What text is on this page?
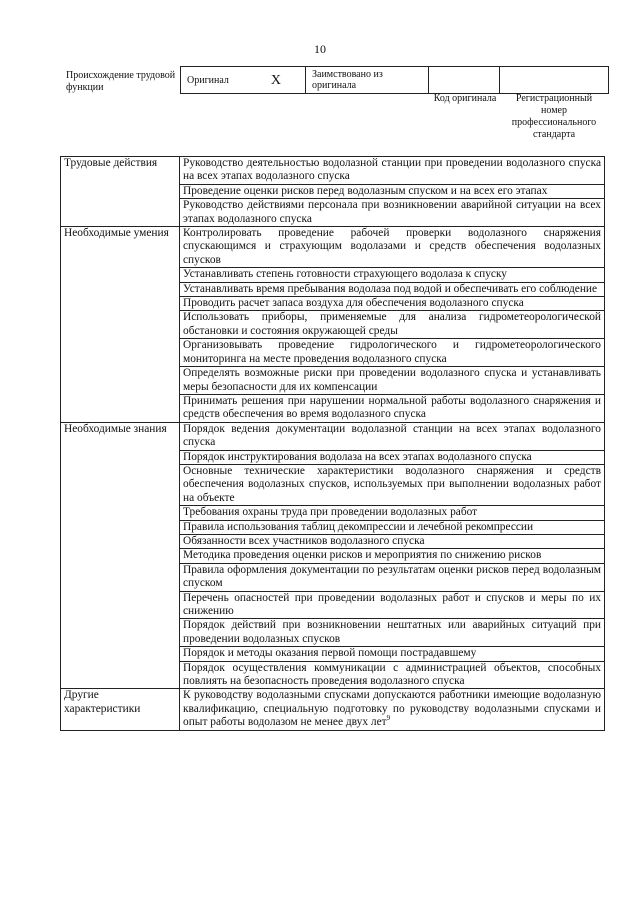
10
Происхождение трудовой функции
Оригинал	X	Заимствовано из оригинала		
Код оригинала	Регистрационный номер профессионального стандарта
Трудовые действия	Руководство деятельностью водолазной станции при проведении водолазного спуска на всех этапах водолазного спуска
	Проведение оценки рисков перед водолазным спуском и на всех его этапах
	Руководство действиями персонала при возникновении аварийной ситуации на всех этапах водолазного спуска
Необходимые умения	Контролировать проведение рабочей проверки водолазного снаряжения спускающимся и страхующим водолазами и средств обеспечения водолазных спусков
	Устанавливать степень готовности страхующего водолаза к спуску
	Устанавливать время пребывания водолаза под водой и обеспечивать его соблюдение
	Проводить расчет запаса воздуха для обеспечения водолазного спуска
	Использовать приборы, применяемые для анализа гидрометеорологической обстановки и состояния окружающей среды
	Организовывать проведение гидрологического и гидрометеорологического мониторинга на месте проведения водолазного спуска
	Определять возможные риски при проведении водолазного спуска и устанавливать меры безопасности для их компенсации
	Принимать решения при нарушении нормальной работы водолазного снаряжения и средств обеспечения во время водолазного спуска
Необходимые знания	Порядок ведения документации водолазной станции на всех этапах водолазного спуска
	Порядок инструктирования водолаза на всех этапах водолазного спуска
	Основные технические характеристики водолазного снаряжения и средств обеспечения водолазных спусков, используемых при выполнении водолазных работ на объекте
	Требования охраны труда при проведении водолазных работ
	Правила использования таблиц декомпрессии и лечебной рекомпрессии
	Обязанности всех участников водолазного спуска
	Методика проведения оценки рисков и мероприятия по снижению рисков
	Правила оформления документации по результатам оценки рисков перед водолазным спуском
	Перечень опасностей при проведении водолазных работ и спусков и меры по их снижению
	Порядок действий при возникновении нештатных или аварийных ситуаций при проведении водолазных спусков
	Порядок и методы оказания первой помощи пострадавшему
	Порядок осуществления коммуникации с администрацией объектов, способных повлиять на безопасность проведения водолазного спуска
Другие характеристики	К руководству водолазными спусками допускаются работники имеющие водолазную квалификацию, специальную подготовку по руководству водолазными спусками и опыт работы водолазом не менее двух лет$^9$
